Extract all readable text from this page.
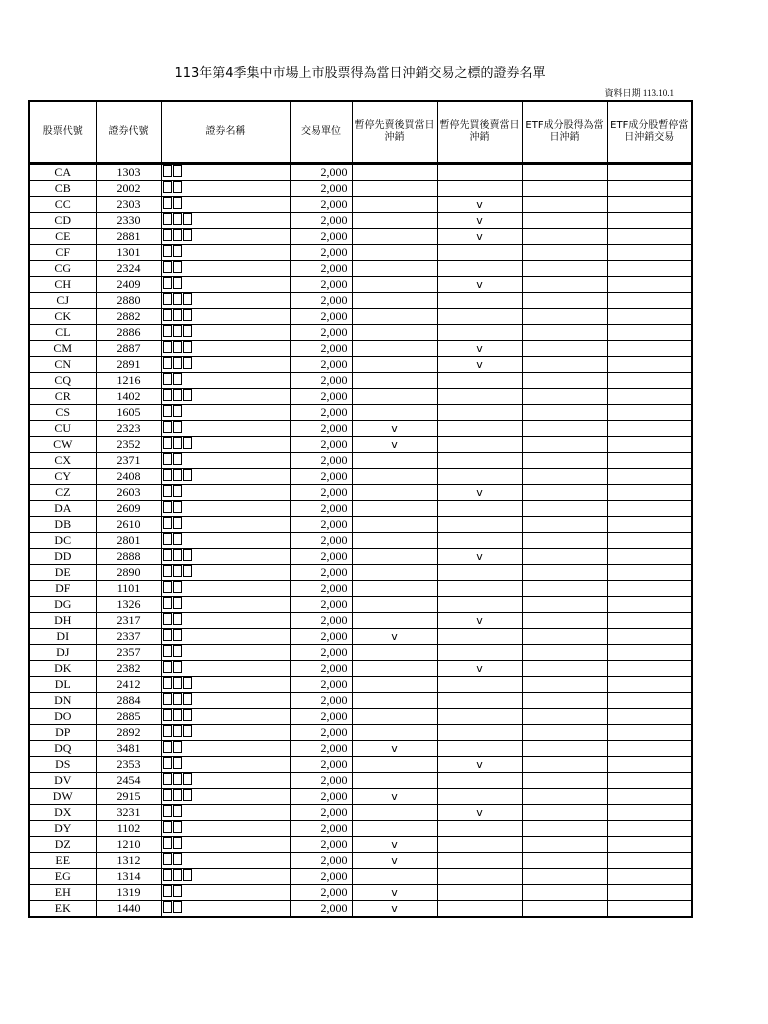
113年第4季集中市場上市股票得為當日沖銷交易之標的證券名單
資料日期 113.10.1
股票代號	證券代號	證券名稱	交易單位	暫停先賣後買當日沖銷	暫停先買後賣當日沖銷	ETF成分股得為當日沖銷	ETF成分股暫停當日沖銷交易
CA	1303		2,000				
CB	2002		2,000				
CC	2303		2,000		v		
CD	2330		2,000		v		
CE	2881		2,000		v		
CF	1301		2,000				
CG	2324		2,000				
CH	2409		2,000		v		
CJ	2880		2,000				
CK	2882		2,000				
CL	2886		2,000				
CM	2887		2,000		v		
CN	2891		2,000		v		
CQ	1216		2,000				
CR	1402		2,000				
CS	1605		2,000				
CU	2323		2,000	v			
CW	2352		2,000	v			
CX	2371		2,000				
CY	2408		2,000				
CZ	2603		2,000		v		
DA	2609		2,000				
DB	2610		2,000				
DC	2801		2,000				
DD	2888		2,000		v		
DE	2890		2,000				
DF	1101		2,000				
DG	1326		2,000				
DH	2317		2,000		v		
DI	2337		2,000	v			
DJ	2357		2,000				
DK	2382		2,000		v		
DL	2412		2,000				
DN	2884		2,000				
DO	2885		2,000				
DP	2892		2,000				
DQ	3481		2,000	v			
DS	2353		2,000		v		
DV	2454		2,000				
DW	2915		2,000	v			
DX	3231		2,000		v		
DY	1102		2,000				
DZ	1210		2,000	v			
EE	1312		2,000	v			
EG	1314		2,000				
EH	1319		2,000	v			
EK	1440		2,000	v			
